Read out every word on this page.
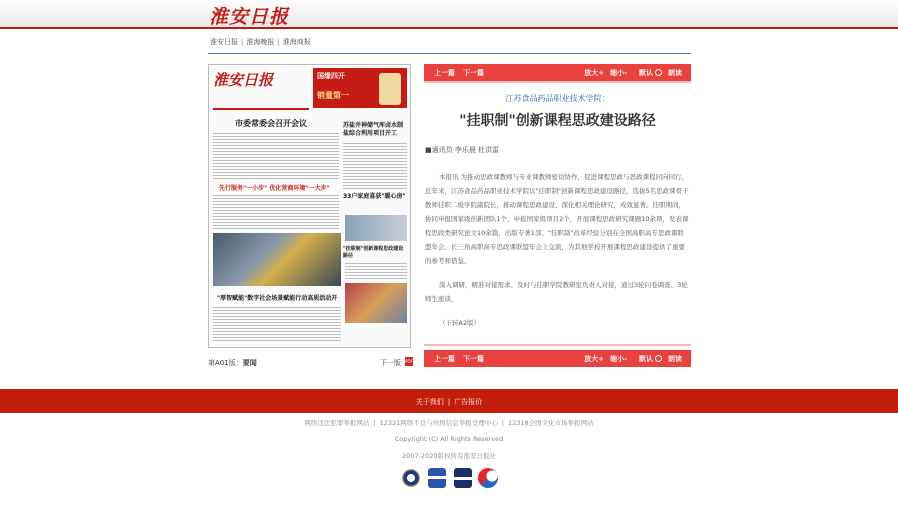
淮安日报
淮安日报 | 淮海晚报 | 淮海商报
淮安日报	国缘四开
销量第一
市委常委会召开会议	苏盐井神储气库卤水制盐综合利用项目开工
先行服务"一小步" 优化营商环境"一大步"
33户家庭喜获"暖心房"
"挂职制"创新课程思政建设路径
"厚智赋能"数字社会场景赋能行动高质活动开
第A01版：要闻	下一版 PDF
上一篇 下一篇	放大+ 缩小- 默认 朗读
江苏食品药品职业技术学院：
"挂职制"创新课程思政建设路径
■通讯员 李乐晨 杜洪雷

本报讯 为推动思政课教师与专业课教师密切协作，促进课程思政与思政课程同向同行，近年来，江苏食品药品职业技术学院以"挂职制"创新课程思政建设路径，选拔5名思政课骨干教师挂职二级学院副院长，推动课程思政建设、深化相关理论研究，成效显著。挂职期间，协同申报国家级创新团队1个，申报国家级项目2个，开展课程思政研究课题10余项，发表课程思政类研究论文10余篇，出版专著1部。"挂职制"改革经验分别在全国高职高专思政课联盟年会、长三角高职高专思政课联盟年会上交流，为其他学校开展课程思政建设提供了重要的参考和借鉴。

深入调研，精准对接需求。及时与挂职学院教研室负责人对接，通过3轮问卷调查、3轮师生座谈，

（下转A2版）
上一篇 下一篇	放大+ 缩小- 默认 朗读
关于我们 | 广告报价
网络违法犯罪举报网站 | 12321网络不良与垃圾信息举报受理中心 | 12318全国文化市场举报网站
Copyright (C) All Rights Reserved
2007-2020版权所有淮安日报社
